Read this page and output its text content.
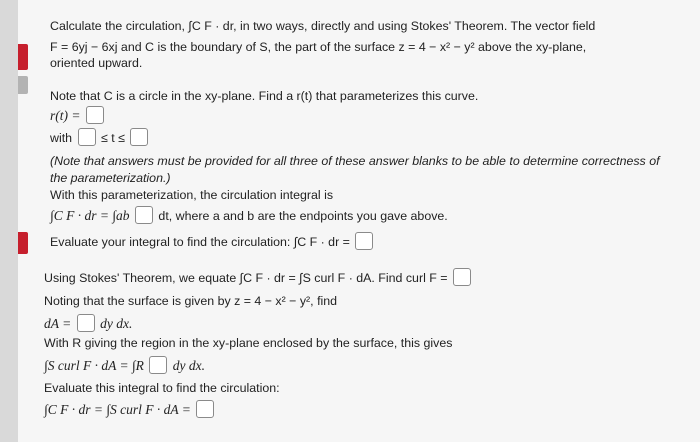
Calculate the circulation, ∫C F · dr, in two ways, directly and using Stokes' Theorem. The vector field
F = 6yj − 6xj and C is the boundary of S, the part of the surface z = 4 − x² − y² above the xy-plane,
oriented upward.
Note that C is a circle in the xy-plane. Find a r(t) that parameterizes this curve.
r(t) =
with ≤ t ≤
(Note that answers must be provided for all three of these answer blanks to be able to determine correctness of
the parameterization.)
With this parameterization, the circulation integral is
∫C F · dr = ∫ab dt, where a and b are the endpoints you gave above.
Evaluate your integral to find the circulation: ∫C F · dr =
Using Stokes' Theorem, we equate ∫C F · dr = ∫S curl F · dA. Find curl F =
Noting that the surface is given by z = 4 − x² − y², find
dA = dy dx.
With R giving the region in the xy-plane enclosed by the surface, this gives
∫S curl F · dA = ∫R dy dx.
Evaluate this integral to find the circulation:
∫C F · dr = ∫S curl F · dA =
